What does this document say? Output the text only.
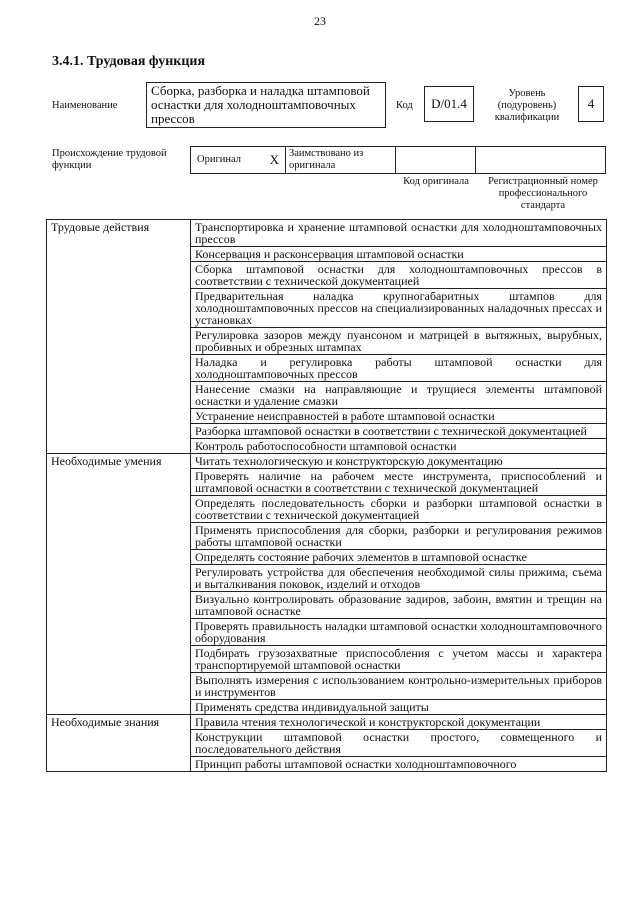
23
3.4.1. Трудовая функция
Наименование
Сборка, разборка и наладка штамповой оснастки для холодноштамповочных прессов
Код	D/01.4
Уровень (подуровень) квалификации
4
Происхождение трудовой функции
Оригинал X Заимствовано из оригинала
Код оригинала	Регистрационный номер профессионального стандарта
Трудовые действия	Транспортировка и хранение штамповой оснастки для холодноштамповочных прессов
	Консервация и расконсервация штамповой оснастки
	Сборка штамповой оснастки для холодноштамповочных прессов в соответствии с технической документацией
	Предварительная наладка крупногабаритных штампов для холодноштамповочных прессов на специализированных наладочных прессах и установках
	Регулировка зазоров между пуансоном и матрицей в вытяжных, вырубных, пробивных и обрезных штампах
	Наладка и регулировка работы штамповой оснастки для холодноштамповочных прессов
	Нанесение смазки на направляющие и трущиеся элементы штамповой оснастки и удаление смазки
	Устранение неисправностей в работе штамповой оснастки
	Разборка штамповой оснастки в соответствии с технической документацией
	Контроль работоспособности штамповой оснастки
Необходимые умения	Читать технологическую и конструкторскую документацию
	Проверять наличие на рабочем месте инструмента, приспособлений и штамповой оснастки в соответствии с технической документацией
	Определять последовательность сборки и разборки штамповой оснастки в соответствии с технической документацией
	Применять приспособления для сборки, разборки и регулирования режимов работы штамповой оснастки
	Определять состояние рабочих элементов в штамповой оснастке
	Регулировать устройства для обеспечения необходимой силы прижима, съема и выталкивания поковок, изделий и отходов
	Визуально контролировать образование задиров, забоин, вмятин и трещин на штамповой оснастке
	Проверять правильность наладки штамповой оснастки холодноштамповочного оборудования
	Подбирать грузозахватные приспособления с учетом массы и характера транспортируемой штамповой оснастки
	Выполнять измерения с использованием контрольно-измерительных приборов и инструментов
	Применять средства индивидуальной защиты
Необходимые знания	Правила чтения технологической и конструкторской документации
	Конструкции штамповой оснастки простого, совмещенного и последовательного действия
	Принцип работы штамповой оснастки холодноштамповочного
